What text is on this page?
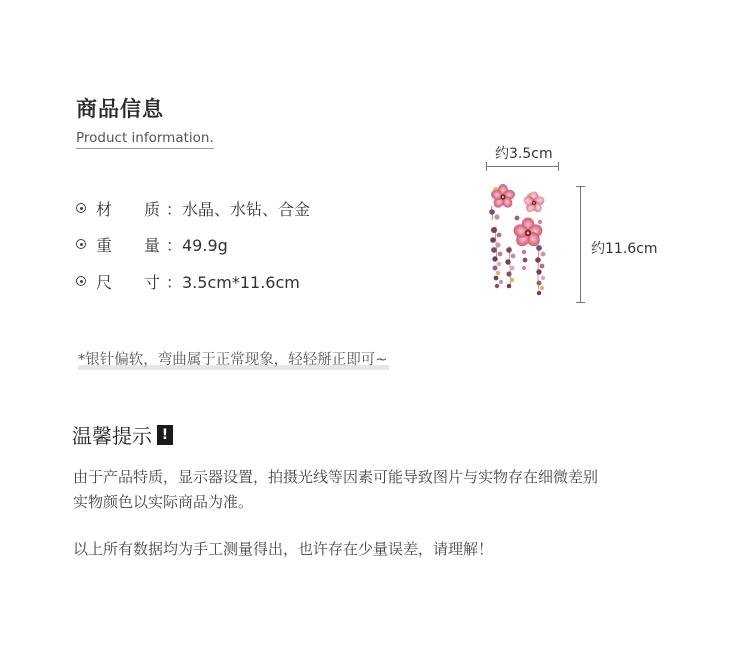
商品信息
Product information.
材质 ：水晶、水钻、合金
重量 ：49.9g
尺寸 ：3.5cm*11.6cm
约3.5cm
约11.6cm
*银针偏软，弯曲属于正常现象，轻轻掰正即可~
温馨提示 !
由于产品特质，显示器设置，拍摄光线等因素可能导致图片与实物存在细微差别
实物颜色以实际商品为准。
以上所有数据均为手工测量得出，也许存在少量误差，请理解！
